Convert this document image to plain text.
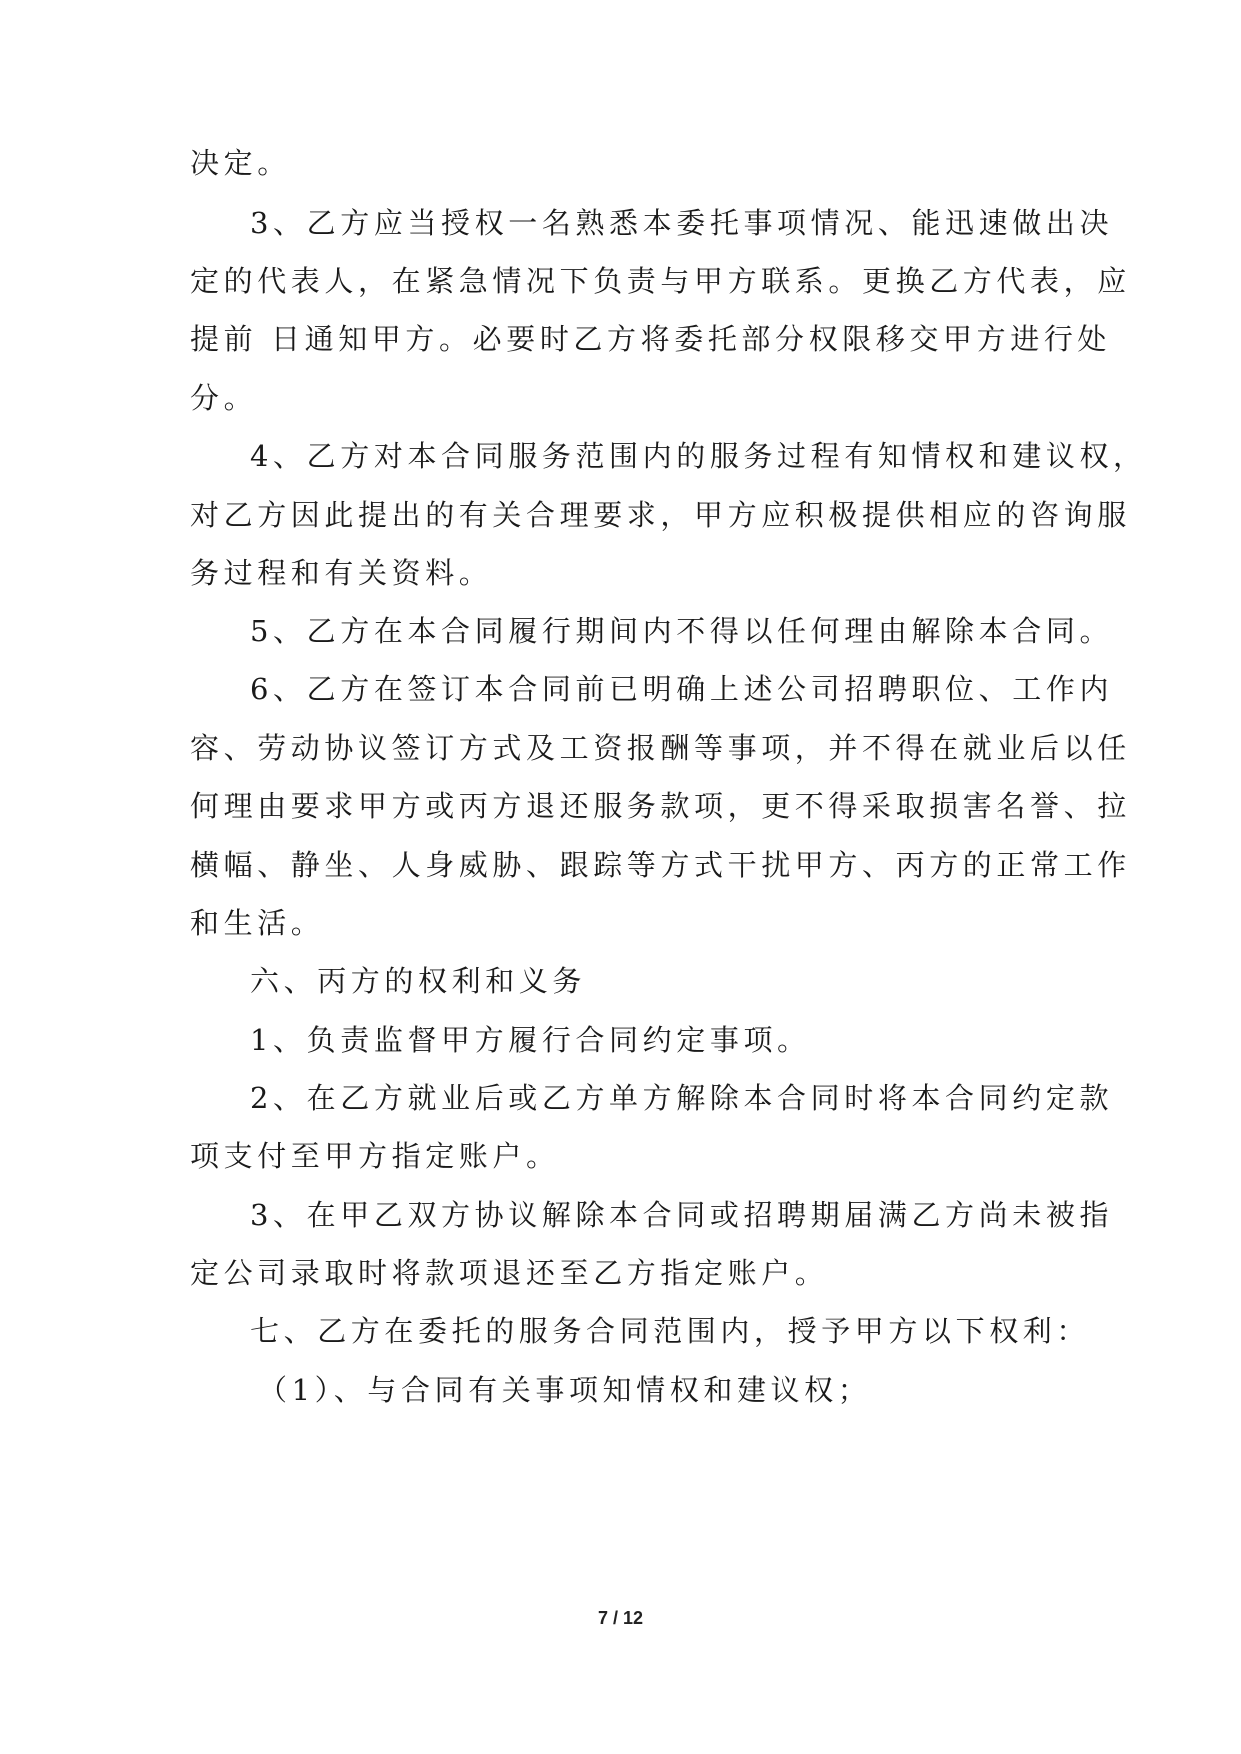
决定。
3、乙方应当授权一名熟悉本委托事项情况、能迅速做出决
定的代表人，在紧急情况下负责与甲方联系。更换乙方代表，应
提前 日通知甲方。必要时乙方将委托部分权限移交甲方进行处
分。
4、乙方对本合同服务范围内的服务过程有知情权和建议权，
对乙方因此提出的有关合理要求，甲方应积极提供相应的咨询服
务过程和有关资料。
5、乙方在本合同履行期间内不得以任何理由解除本合同。
6、乙方在签订本合同前已明确上述公司招聘职位、工作内
容、劳动协议签订方式及工资报酬等事项，并不得在就业后以任
何理由要求甲方或丙方退还服务款项，更不得采取损害名誉、拉
横幅、静坐、人身威胁、跟踪等方式干扰甲方、丙方的正常工作
和生活。
六、丙方的权利和义务
1、负责监督甲方履行合同约定事项。
2、在乙方就业后或乙方单方解除本合同时将本合同约定款
项支付至甲方指定账户。
3、在甲乙双方协议解除本合同或招聘期届满乙方尚未被指
定公司录取时将款项退还至乙方指定账户。
七、乙方在委托的服务合同范围内，授予甲方以下权利：
（1）、与合同有关事项知情权和建议权；
7 / 12
